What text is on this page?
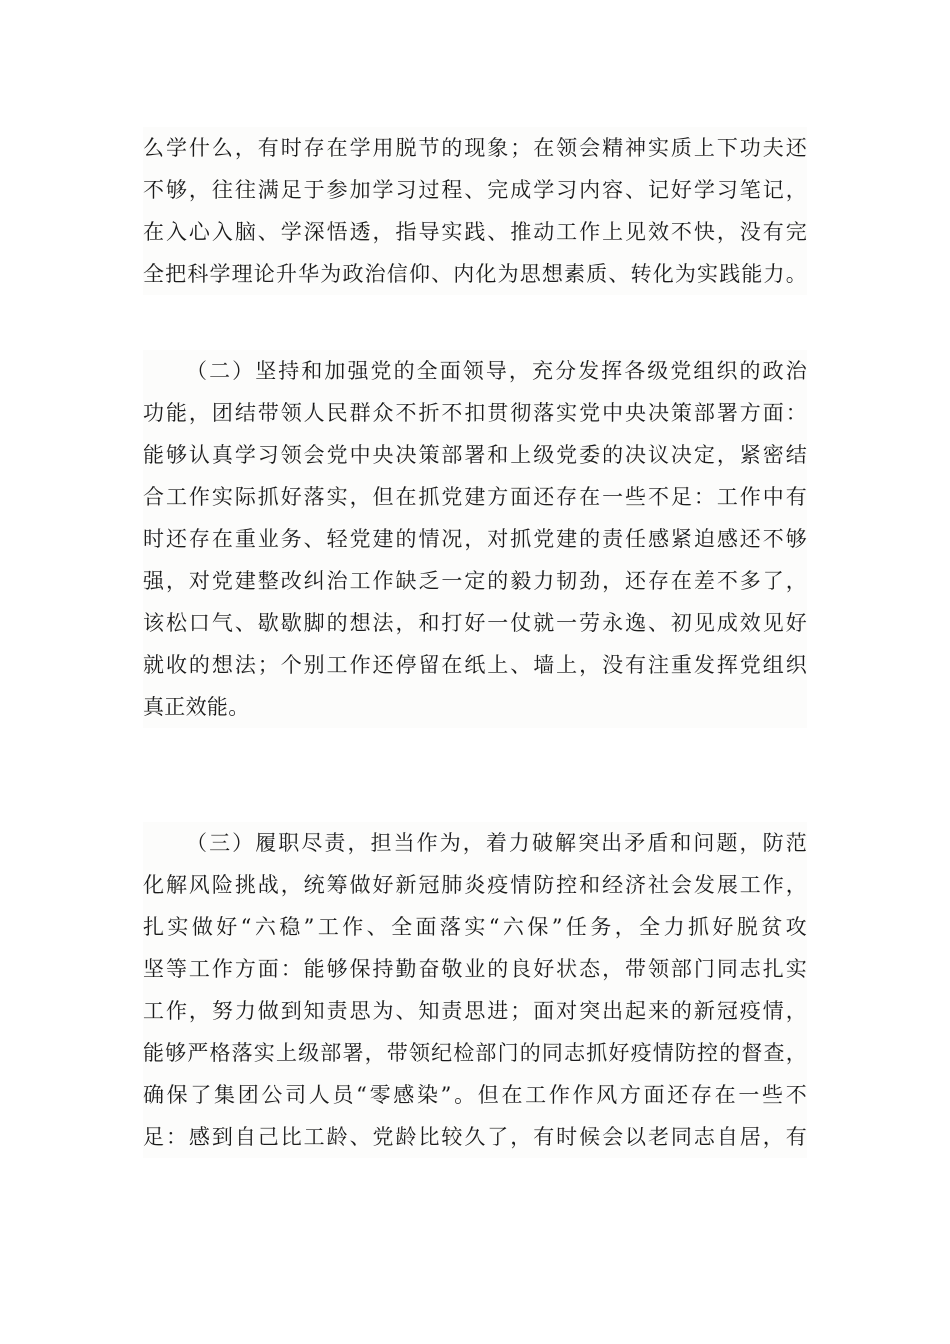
么学什么，有时存在学用脱节的现象；在领会精神实质上下功夫还
不够，往往满足于参加学习过程、完成学习内容、记好学习笔记，
在入心入脑、学深悟透，指导实践、推动工作上见效不快，没有完
全把科学理论升华为政治信仰、内化为思想素质、转化为实践能力。
（二）坚持和加强党的全面领导，充分发挥各级党组织的政治
功能，团结带领人民群众不折不扣贯彻落实党中央决策部署方面：
能够认真学习领会党中央决策部署和上级党委的决议决定，紧密结
合工作实际抓好落实，但在抓党建方面还存在一些不足：工作中有
时还存在重业务、轻党建的情况，对抓党建的责任感紧迫感还不够
强，对党建整改纠治工作缺乏一定的毅力韧劲，还存在差不多了，
该松口气、歇歇脚的想法，和打好一仗就一劳永逸、初见成效见好
就收的想法；个别工作还停留在纸上、墙上，没有注重发挥党组织
真正效能。
（三）履职尽责，担当作为，着力破解突出矛盾和问题，防范
化解风险挑战，统筹做好新冠肺炎疫情防控和经济社会发展工作，
扎实做好“六稳”工作、全面落实“六保”任务，全力抓好脱贫攻
坚等工作方面：能够保持勤奋敬业的良好状态，带领部门同志扎实
工作，努力做到知责思为、知责思进；面对突出起来的新冠疫情，
能够严格落实上级部署，带领纪检部门的同志抓好疫情防控的督查，
确保了集团公司人员“零感染”。但在工作作风方面还存在一些不
足：感到自己比工龄、党龄比较久了，有时候会以老同志自居，有
